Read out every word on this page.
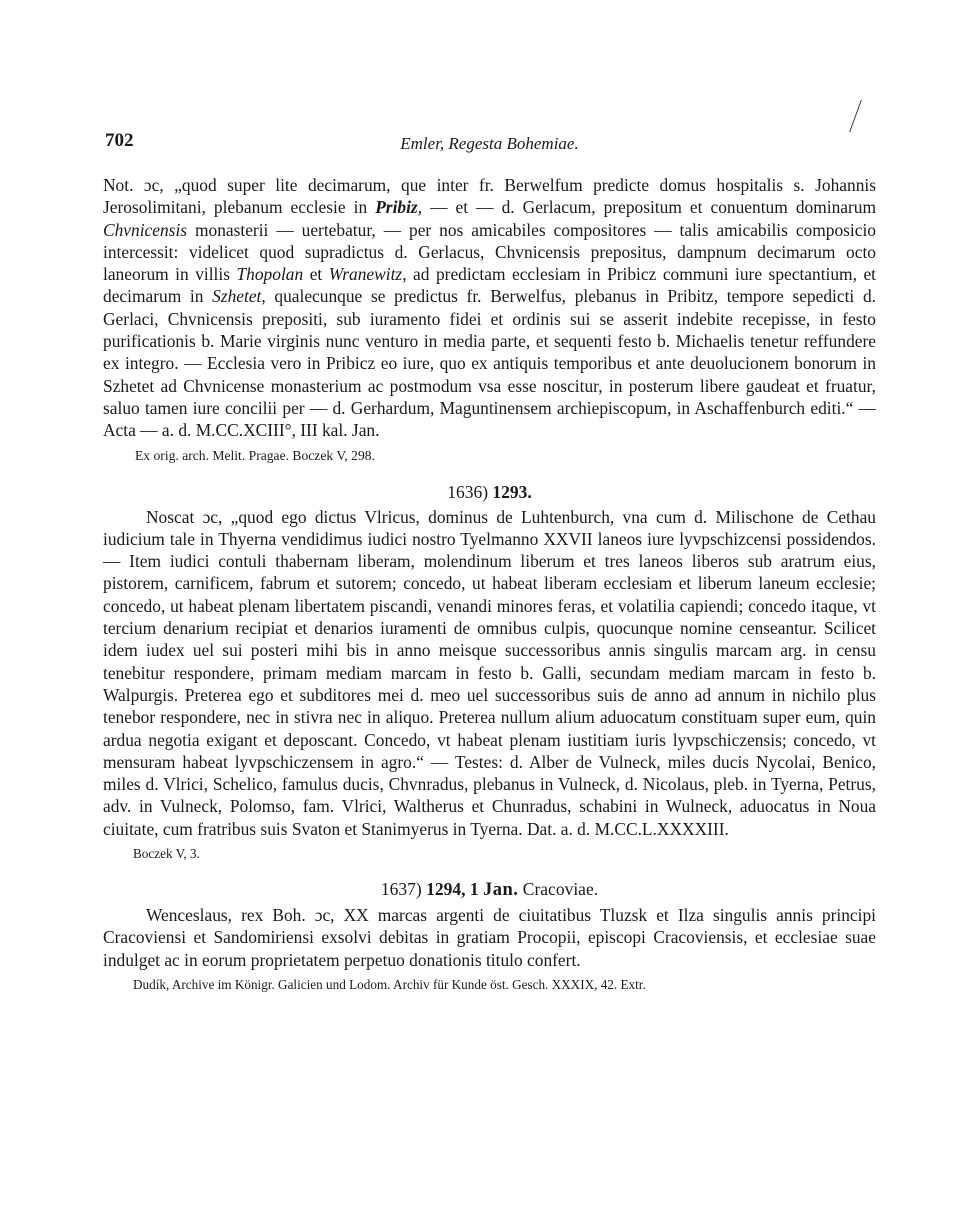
702	Emler, Regesta Bohemiae.

Not. ɔc, „quod super lite decimarum, que inter fr. Berwelfum predicte domus hospitalis s. Johannis Jerosolimitani, plebanum ecclesie in Pribiz, — et — d. Gerlacum, prepositum et conuentum dominarum Chvnicensis monasterii — uertebatur, — per nos amicabiles compositores — talis amicabilis composicio intercessit: videlicet quod supradictus d. Gerlacus, Chvnicensis prepositus, dampnum decimarum octo laneorum in villis Thopolan et Wranewitz, ad predictam ecclesiam in Pribicz communi iure spectantium, et decimarum in Szhetet, qualecunque se predictus fr. Berwelfus, plebanus in Pribitz, tempore sepedicti d. Gerlaci, Chvnicensis prepositi, sub iuramento fidei et ordinis sui se asserit indebite recepisse, in festo purificationis b. Marie virginis nunc venturo in media parte, et sequenti festo b. Michaelis tenetur reffundere ex integro. — Ecclesia vero in Pribicz eo iure, quo ex antiquis temporibus et ante deuolucionem bonorum in Szhetet ad Chvnicense monasterium ac postmodum vsa esse noscitur, in posterum libere gaudeat et fruatur, saluo tamen iure concilii per — d. Gerhardum, Maguntinensem archiepiscopum, in Aschaffenburch editi.“ — Acta — a. d. M.CC.XCIII°, III kal. Jan.

Ex orig. arch. Melit. Pragae. Boczek V, 298.

1636) 1293.

Noscat ɔc, „quod ego dictus Vlricus, dominus de Luhtenburch, vna cum d. Milischone de Cethau iudicium tale in Thyerna vendidimus iudici nostro Tyelmanno XXVII laneos iure lyvpschizcensi possidendos. — Item iudici contuli thabernam liberam, molendinum liberum et tres laneos liberos sub aratrum eius, pistorem, carnificem, fabrum et sutorem; concedo, ut habeat liberam ecclesiam et liberum laneum ecclesie; concedo, ut habeat plenam libertatem piscandi, venandi minores feras, et volatilia capiendi; concedo itaque, vt tercium denarium recipiat et denarios iuramenti de omnibus culpis, quocunque nomine censeantur. Scilicet idem iudex uel sui posteri mihi bis in anno meisque successoribus annis singulis marcam arg. in censu tenebitur respondere, primam mediam marcam in festo b. Galli, secundam mediam marcam in festo b. Walpurgis. Preterea ego et subditores mei d. meo uel successoribus suis de anno ad annum in nichilo plus tenebor respondere, nec in stivra nec in aliquo. Preterea nullum alium aduocatum constituam super eum, quin ardua negotia exigant et deposcant. Concedo, vt habeat plenam iustitiam iuris lyvpschiczensis; concedo, vt mensuram habeat lyvpschiczensem in agro.“ — Testes: d. Alber de Vulneck, miles ducis Nycolai, Benico, miles d. Vlrici, Schelico, famulus ducis, Chvnradus, plebanus in Vulneck, d. Nicolaus, pleb. in Tyerna, Petrus, adv. in Vulneck, Polomso, fam. Vlrici, Waltherus et Chunradus, schabini in Wulneck, aduocatus in Noua ciuitate, cum fratribus suis Svaton et Stanimyerus in Tyerna. Dat. a. d. M.CC.L.XXXXIII.

Boczek V, 3.

1637) 1294, 1 Jan. Cracoviae.

Wenceslaus, rex Boh. ɔc, XX marcas argenti de ciuitatibus Tluzsk et Ilza singulis annis principi Cracoviensi et Sandomiriensi exsolvi debitas in gratiam Procopii, episcopi Cracoviensis, et ecclesiae suae indulget ac in eorum proprietatem perpetuo donationis titulo confert.

Dudík, Archive im Königr. Galicien und Lodom. Archiv für Kunde öst. Gesch. XXXIX, 42. Extr.
